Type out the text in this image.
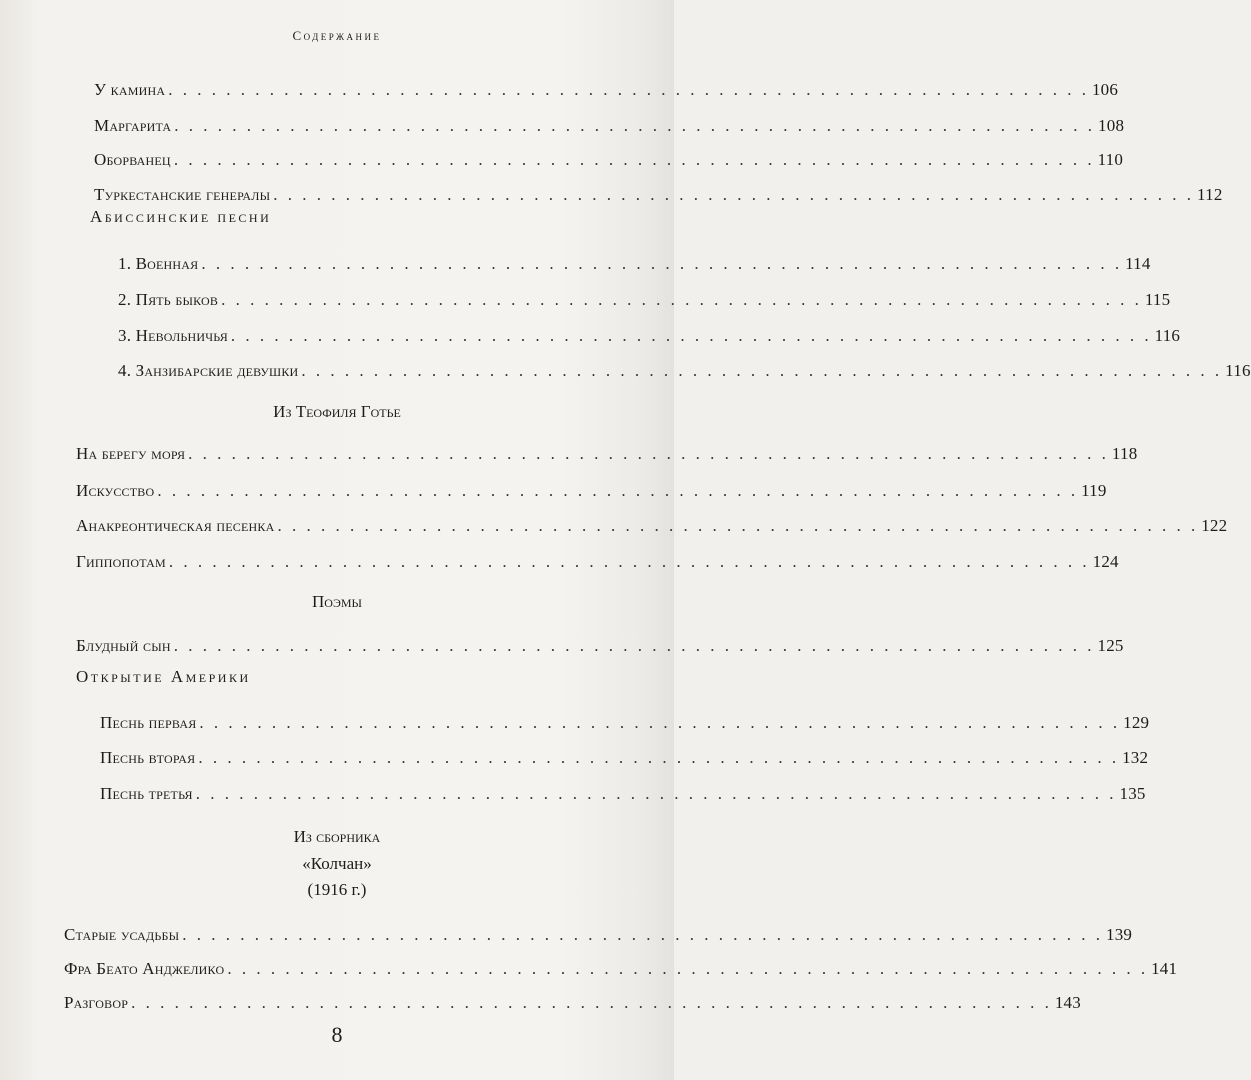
Содержание
У камина . . . . . . . . . . . . . . . . . . . . . . . . . . . . . . . . . . . . . . . . . . . . . . . . . . . . . . . . . . . . . . . . 106
Маргарита . . . . . . . . . . . . . . . . . . . . . . . . . . . . . . . . . . . . . . . . . . . . . . . . . . . . . . . . . . . . . . . . 108
Оборванец . . . . . . . . . . . . . . . . . . . . . . . . . . . . . . . . . . . . . . . . . . . . . . . . . . . . . . . . . . . . . . . . 110
Туркестанские генералы . . . . . . . . . . . . . . . . . . . . . . . . . . . . . . . . . . . . . . . . . . . . . . . . . . . . . . . . . . . . . . . . 112
Абиссинские песни
1. Военная . . . . . . . . . . . . . . . . . . . . . . . . . . . . . . . . . . . . . . . . . . . . . . . . . . . . . . . . . . . . . . . . 114
2. Пять быков . . . . . . . . . . . . . . . . . . . . . . . . . . . . . . . . . . . . . . . . . . . . . . . . . . . . . . . . . . . . . . . . 115
3. Невольничья . . . . . . . . . . . . . . . . . . . . . . . . . . . . . . . . . . . . . . . . . . . . . . . . . . . . . . . . . . . . . . . . 116
4. Занзибарские девушки . . . . . . . . . . . . . . . . . . . . . . . . . . . . . . . . . . . . . . . . . . . . . . . . . . . . . . . . . . . . . . . . 116
Из Теофиля Готье
На берегу моря . . . . . . . . . . . . . . . . . . . . . . . . . . . . . . . . . . . . . . . . . . . . . . . . . . . . . . . . . . . . . . . . 118
Искусство . . . . . . . . . . . . . . . . . . . . . . . . . . . . . . . . . . . . . . . . . . . . . . . . . . . . . . . . . . . . . . . . 119
Анакреонтическая песенка . . . . . . . . . . . . . . . . . . . . . . . . . . . . . . . . . . . . . . . . . . . . . . . . . . . . . . . . . . . . . . . . 122
Гиппопотам . . . . . . . . . . . . . . . . . . . . . . . . . . . . . . . . . . . . . . . . . . . . . . . . . . . . . . . . . . . . . . . . 124
Поэмы
Блудный сын . . . . . . . . . . . . . . . . . . . . . . . . . . . . . . . . . . . . . . . . . . . . . . . . . . . . . . . . . . . . . . . . 125
Открытие Америки
Песнь первая . . . . . . . . . . . . . . . . . . . . . . . . . . . . . . . . . . . . . . . . . . . . . . . . . . . . . . . . . . . . . . . . 129
Песнь вторая . . . . . . . . . . . . . . . . . . . . . . . . . . . . . . . . . . . . . . . . . . . . . . . . . . . . . . . . . . . . . . . . 132
Песнь третья . . . . . . . . . . . . . . . . . . . . . . . . . . . . . . . . . . . . . . . . . . . . . . . . . . . . . . . . . . . . . . . . 135
Из сборника
«Колчан»
(1916 г.)
Старые усадьбы . . . . . . . . . . . . . . . . . . . . . . . . . . . . . . . . . . . . . . . . . . . . . . . . . . . . . . . . . . . . . . . . 139
Фра Беато Анджелико . . . . . . . . . . . . . . . . . . . . . . . . . . . . . . . . . . . . . . . . . . . . . . . . . . . . . . . . . . . . . . . . 141
Разговор . . . . . . . . . . . . . . . . . . . . . . . . . . . . . . . . . . . . . . . . . . . . . . . . . . . . . . . . . . . . . . . . 143
8
